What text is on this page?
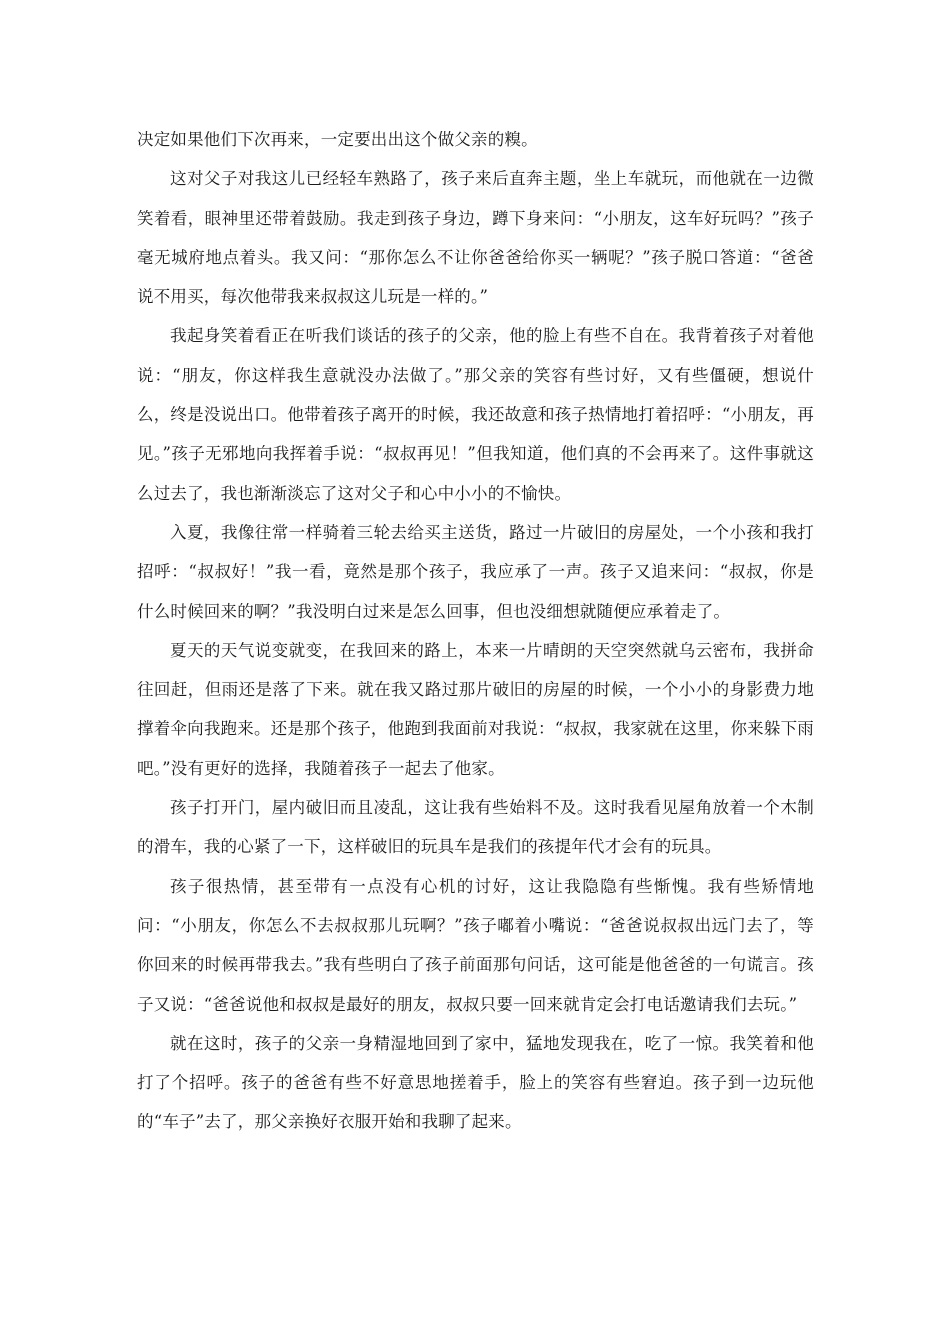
决定如果他们下次再来，一定要出出这个做父亲的糗。

这对父子对我这儿已经轻车熟路了，孩子来后直奔主题，坐上车就玩，而他就在一边微笑着看，眼神里还带着鼓励。我走到孩子身边，蹲下身来问：“小朋友，这车好玩吗？”孩子毫无城府地点着头。我又问：“那你怎么不让你爸爸给你买一辆呢？”孩子脱口答道：“爸爸说不用买，每次他带我来叔叔这儿玩是一样的。”

我起身笑着看正在听我们谈话的孩子的父亲，他的脸上有些不自在。我背着孩子对着他说：“朋友，你这样我生意就没办法做了。”那父亲的笑容有些讨好，又有些僵硬，想说什么，终是没说出口。他带着孩子离开的时候，我还故意和孩子热情地打着招呼：“小朋友，再见。”孩子无邪地向我挥着手说：“叔叔再见！”但我知道，他们真的不会再来了。这件事就这么过去了，我也渐渐淡忘了这对父子和心中小小的不愉快。

入夏，我像往常一样骑着三轮去给买主送货，路过一片破旧的房屋处，一个小孩和我打招呼：“叔叔好！”我一看，竟然是那个孩子，我应承了一声。孩子又追来问：“叔叔，你是什么时候回来的啊？”我没明白过来是怎么回事，但也没细想就随便应承着走了。

夏天的天气说变就变，在我回来的路上，本来一片晴朗的天空突然就乌云密布，我拼命往回赶，但雨还是落了下来。就在我又路过那片破旧的房屋的时候，一个小小的身影费力地撑着伞向我跑来。还是那个孩子，他跑到我面前对我说：“叔叔，我家就在这里，你来躲下雨吧。”没有更好的选择，我随着孩子一起去了他家。

孩子打开门，屋内破旧而且凌乱，这让我有些始料不及。这时我看见屋角放着一个木制的滑车，我的心紧了一下，这样破旧的玩具车是我们的孩提年代才会有的玩具。

孩子很热情，甚至带有一点没有心机的讨好，这让我隐隐有些惭愧。我有些矫情地问：“小朋友，你怎么不去叔叔那儿玩啊？”孩子嘟着小嘴说：“爸爸说叔叔出远门去了，等你回来的时候再带我去。”我有些明白了孩子前面那句问话，这可能是他爸爸的一句谎言。孩子又说：“爸爸说他和叔叔是最好的朋友，叔叔只要一回来就肯定会打电话邀请我们去玩。”

就在这时，孩子的父亲一身精湿地回到了家中，猛地发现我在，吃了一惊。我笑着和他打了个招呼。孩子的爸爸有些不好意思地搓着手，脸上的笑容有些窘迫。孩子到一边玩他的“车子”去了，那父亲换好衣服开始和我聊了起来。
